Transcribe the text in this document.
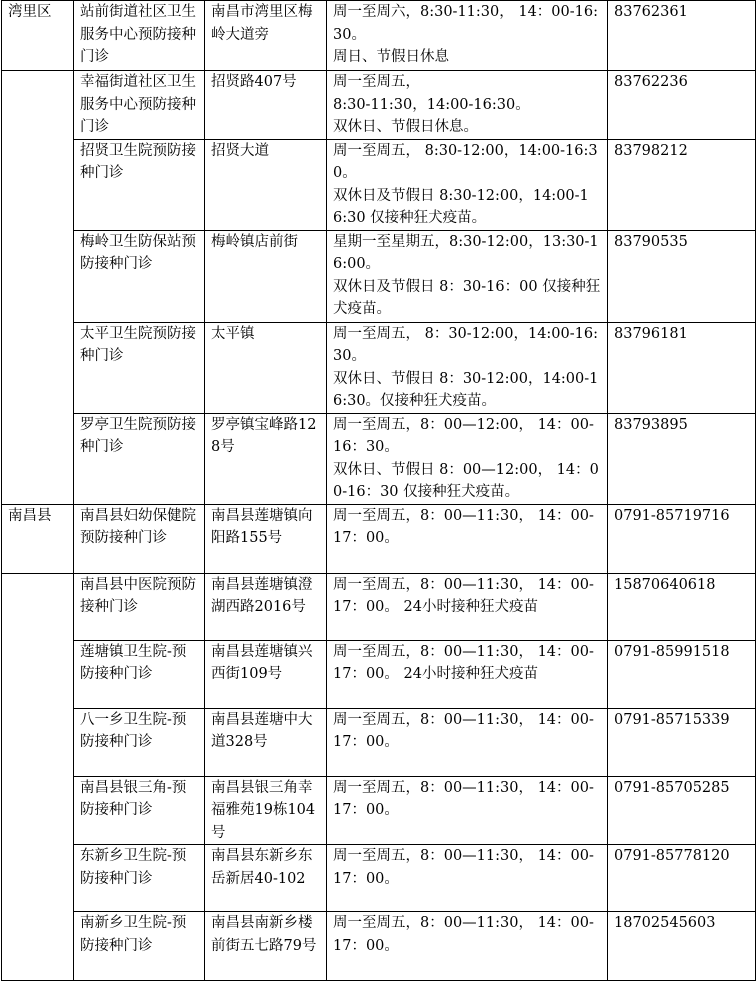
湾里区	站前街道社区卫生服务中心预防接种门诊	南昌市湾里区梅岭大道旁	周一至周六，8:30-11:30， 14：00-16:30。
周日、节假日休息	83762361
	幸福街道社区卫生服务中心预防接种门诊	招贤路407号	周一至周五，
8:30-11:30，14:00-16:30。
双休日、节假日休息。	83762236
	招贤卫生院预防接种门诊	招贤大道	周一至周五， 8:30-12:00，14:00-16:30。
双休日及节假日 8:30-12:00，14:00-16:30 仅接种狂犬疫苗。	83798212
	梅岭卫生防保站预防接种门诊	梅岭镇店前街	星期一至星期五，8:30-12:00，13:30-16:00。
双休日及节假日 8：30-16：00 仅接种狂犬疫苗。	83790535
	太平卫生院预防接种门诊	太平镇	周一至周五， 8：30-12:00，14:00-16:30。
双休日、节假日 8：30-12:00，14:00-16:30。仅接种狂犬疫苗。	83796181
	罗亭卫生院预防接种门诊	罗亭镇宝峰路128号	周一至周五，8：00—12:00， 14：00-16：30。
双休日、节假日 8：00—12:00， 14：00-16：30 仅接种狂犬疫苗。	83793895
南昌县	南昌县妇幼保健院预防接种门诊	南昌县莲塘镇向阳路155号	周一至周五，8：00—11:30， 14：00-17：00。	0791-85719716
	南昌县中医院预防接种门诊	南昌县莲塘镇澄湖西路2016号	周一至周五，8：00—11:30， 14：00-17：00。 24小时接种狂犬疫苗	15870640618
	莲塘镇卫生院-预防接种门诊	南昌县莲塘镇兴西街109号	周一至周五，8：00—11:30， 14：00-17：00。 24小时接种狂犬疫苗	0791-85991518
	八一乡卫生院-预防接种门诊	南昌县莲塘中大道328号	周一至周五，8：00—11:30， 14：00-17：00。	0791-85715339
	南昌县银三角-预防接种门诊	南昌县银三角幸福雅苑19栋104号	周一至周五，8：00—11:30， 14：00-17：00。	0791-85705285
	东新乡卫生院-预防接种门诊	南昌县东新乡东岳新居40-102	周一至周五，8：00—11:30， 14：00-17：00。	0791-85778120
	南新乡卫生院-预防接种门诊	南昌县南新乡楼前街五七路79号	周一至周五，8：00—11:30， 14：00-17：00。	18702545603
